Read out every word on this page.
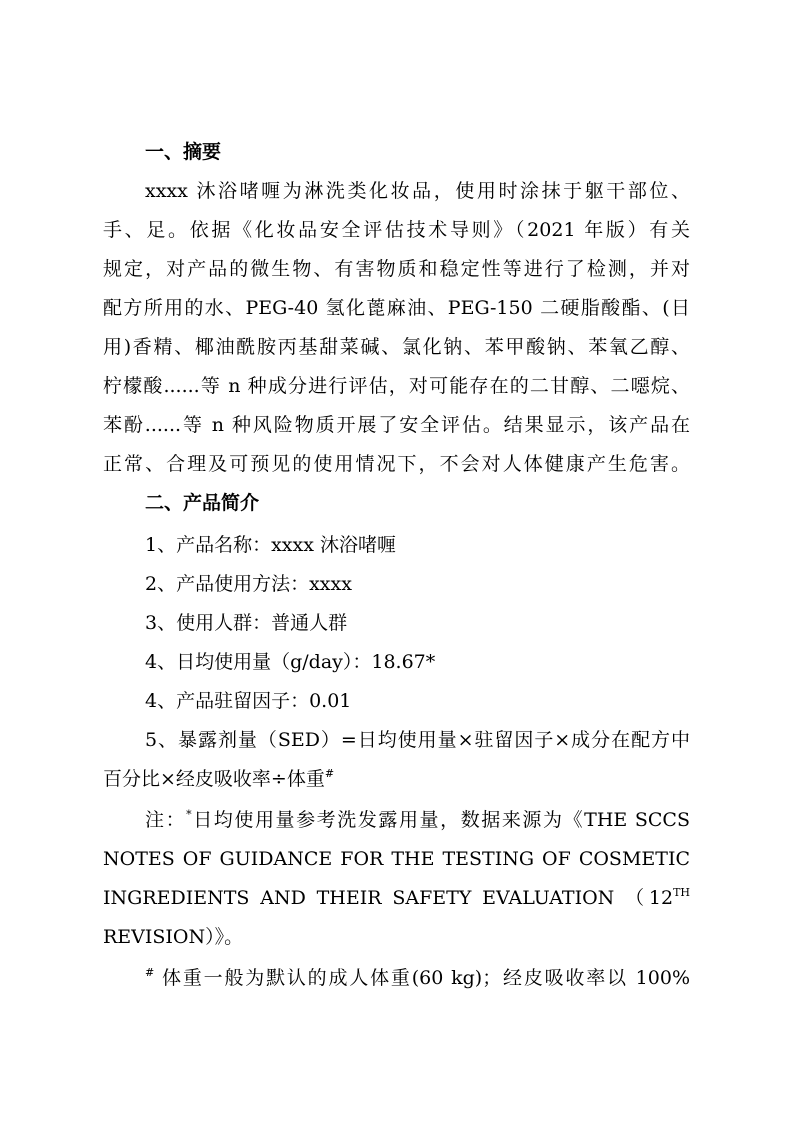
一、摘要
xxxx 沐浴啫喱为淋洗类化妆品，使用时涂抹于躯干部位、
手、足。依据《化妆品安全评估技术导则》（2021 年版）有关
规定，对产品的微生物、有害物质和稳定性等进行了检测，并对
配方所用的水、PEG-40 氢化蓖麻油、PEG-150 二硬脂酸酯、(日
用)香精、椰油酰胺丙基甜菜碱、氯化钠、苯甲酸钠、苯氧乙醇、
柠檬酸......等 n 种成分进行评估，对可能存在的二甘醇、二噁烷、
苯酚......等 n 种风险物质开展了安全评估。结果显示，该产品在
正常、合理及可预见的使用情况下，不会对人体健康产生危害。
二、产品简介
1、产品名称：xxxx 沐浴啫喱
2、产品使用方法：xxxx
3、使用人群：普通人群
4、日均使用量（g/day）：18.67*
4、产品驻留因子：0.01
5、暴露剂量（SED）=日均使用量×驻留因子×成分在配方中
百分比×经皮吸收率÷体重#
注：*日均使用量参考洗发露用量，数据来源为《THE SCCS
NOTES OF GUIDANCE FOR THE TESTING OF COSMETIC
INGREDIENTS AND THEIR SAFETY EVALUATION （12TH
REVISION）》。
# 体重一般为默认的成人体重(60 kg)；经皮吸收率以 100%
